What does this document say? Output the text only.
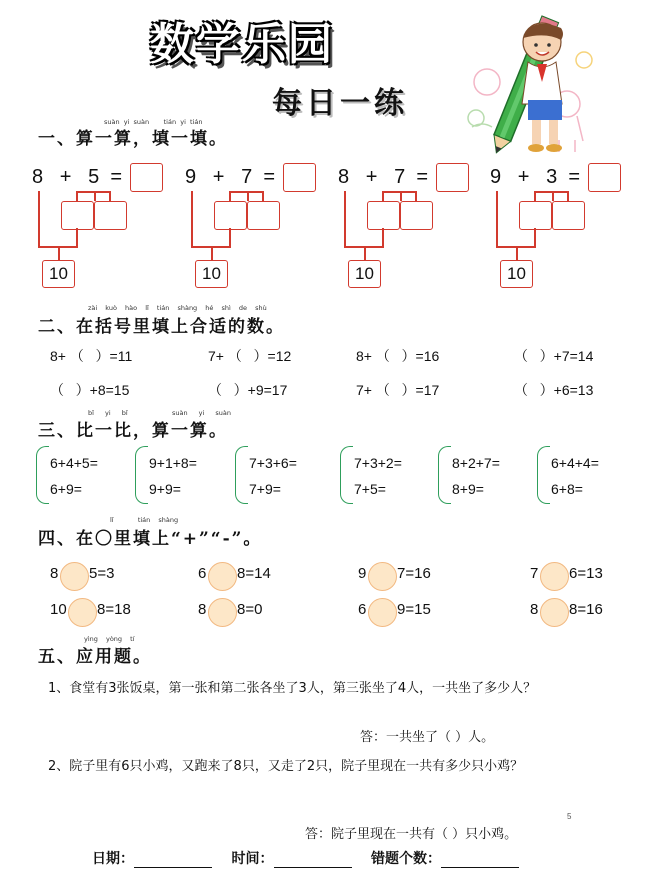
数学乐园
每日一练
一、算一算，填一填。
suàn yi suàn tián yi tián
8 + 5 =
10
9 + 7 =
10
8 + 7 =
10
9 + 3 =
10
二、在括号里填上合适的数。
zài kuò hào lǐ tián shàng hé shì de shù
8+ （   ）=11	7+ （   ）=12	8+ （   ）=16	（   ）+7=14
（   ）+8=15	（   ）+9=17	7+ （   ）=17	（   ）+6=13
三、比一比，算一算。
bǐ yi bǐ	suàn yi suàn
6+4+5=
6+9=
9+1+8=
9+9=
7+3+6=
7+9=
7+3+2=
7+5=
8+2+7=
8+9=
6+4+4=
6+8=
四、在〇里填上“+”“-”。
lǐ	tián shàng
8 5=3	6 8=14	9 7=16	7 6=13
10 8=18	8 8=0	6 9=15	8 8=16
五、应用题。
yìng yòng tí
1、食堂有3张饭桌，第一张和第二张各坐了3人，第三张坐了4人，一共坐了多少人？
答：一共坐了（ ）人。
2、院子里有6只小鸡，又跑来了8只，又走了2只，院子里现在一共有多少只小鸡？
5
答：院子里现在一共有（ ）只小鸡。
日期：	时间：	错题个数：
